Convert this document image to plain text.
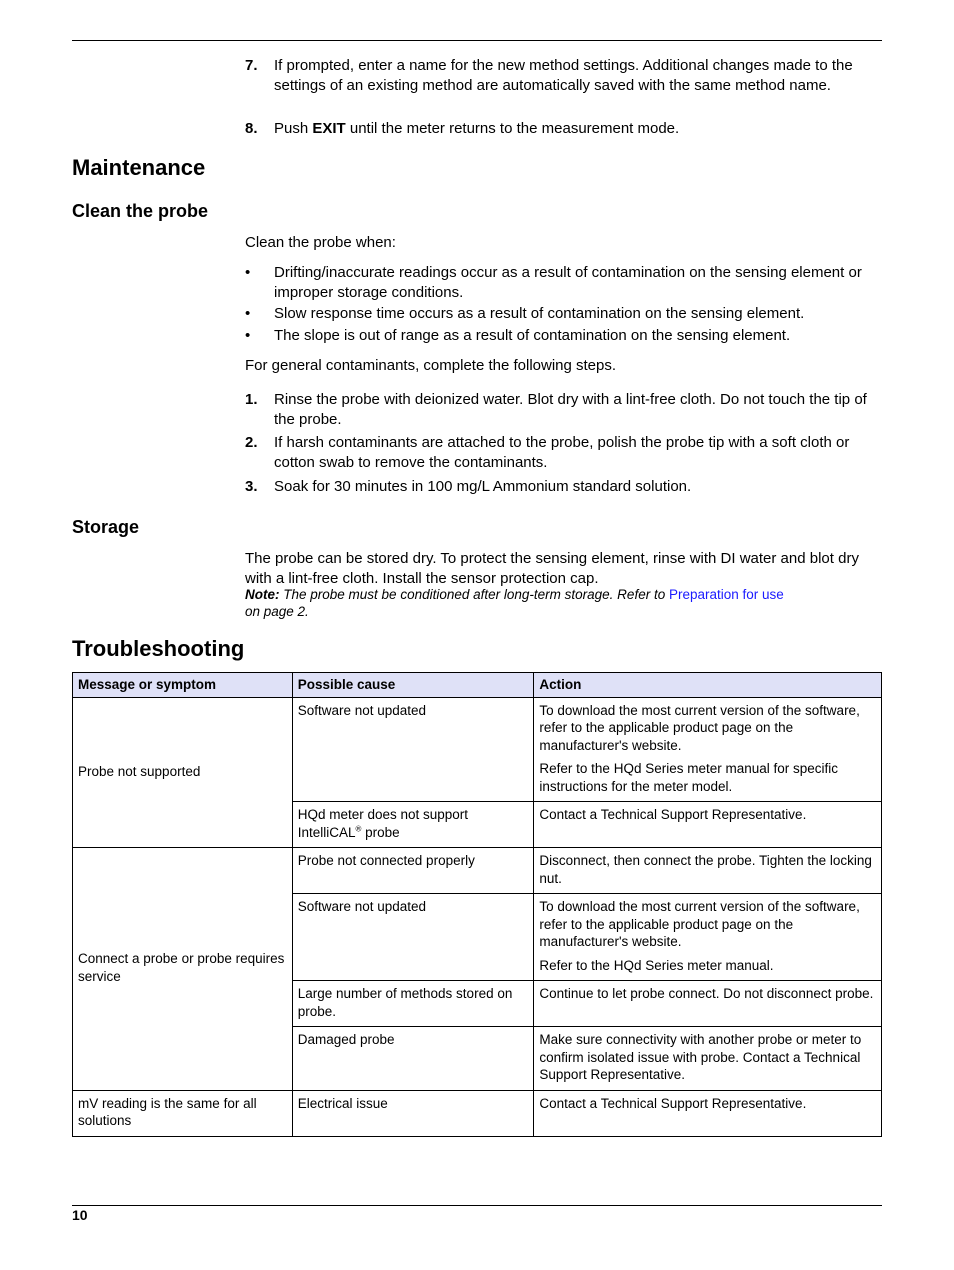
7. If prompted, enter a name for the new method settings. Additional changes made to the settings of an existing method are automatically saved with the same method name.
8. Push EXIT until the meter returns to the measurement mode.
Maintenance
Clean the probe
Clean the probe when:
• Drifting/inaccurate readings occur as a result of contamination on the sensing element or improper storage conditions.
• Slow response time occurs as a result of contamination on the sensing element.
• The slope is out of range as a result of contamination on the sensing element.
For general contaminants, complete the following steps.
1. Rinse the probe with deionized water. Blot dry with a lint-free cloth. Do not touch the tip of the probe.
2. If harsh contaminants are attached to the probe, polish the probe tip with a soft cloth or cotton swab to remove the contaminants.
3. Soak for 30 minutes in 100 mg/L Ammonium standard solution.
Storage
The probe can be stored dry. To protect the sensing element, rinse with DI water and blot dry with a lint-free cloth. Install the sensor protection cap.
Note: The probe must be conditioned after long-term storage. Refer to Preparation for use
on page 2.
Troubleshooting
Message or symptom	Possible cause	Action
Probe not supported	Software not updated	To download the most current version of the software, refer to the applicable product page on the manufacturer's website.

Refer to the HQd Series meter manual for specific instructions for the meter model.

	HQd meter does not support IntelliCAL® probe	Contact a Technical Support Representative.
Connect a probe or probe requires service	Probe not connected properly	Disconnect, then connect the probe. Tighten the locking nut.
	Software not updated	To download the most current version of the software, refer to the applicable product page on the manufacturer's website.

Refer to the HQd Series meter manual.

	Large number of methods stored on probe.	Continue to let probe connect. Do not disconnect probe.
	Damaged probe	Make sure connectivity with another probe or meter to confirm isolated issue with probe. Contact a Technical Support Representative.
mV reading is the same for all solutions	Electrical issue	Contact a Technical Support Representative.
10
